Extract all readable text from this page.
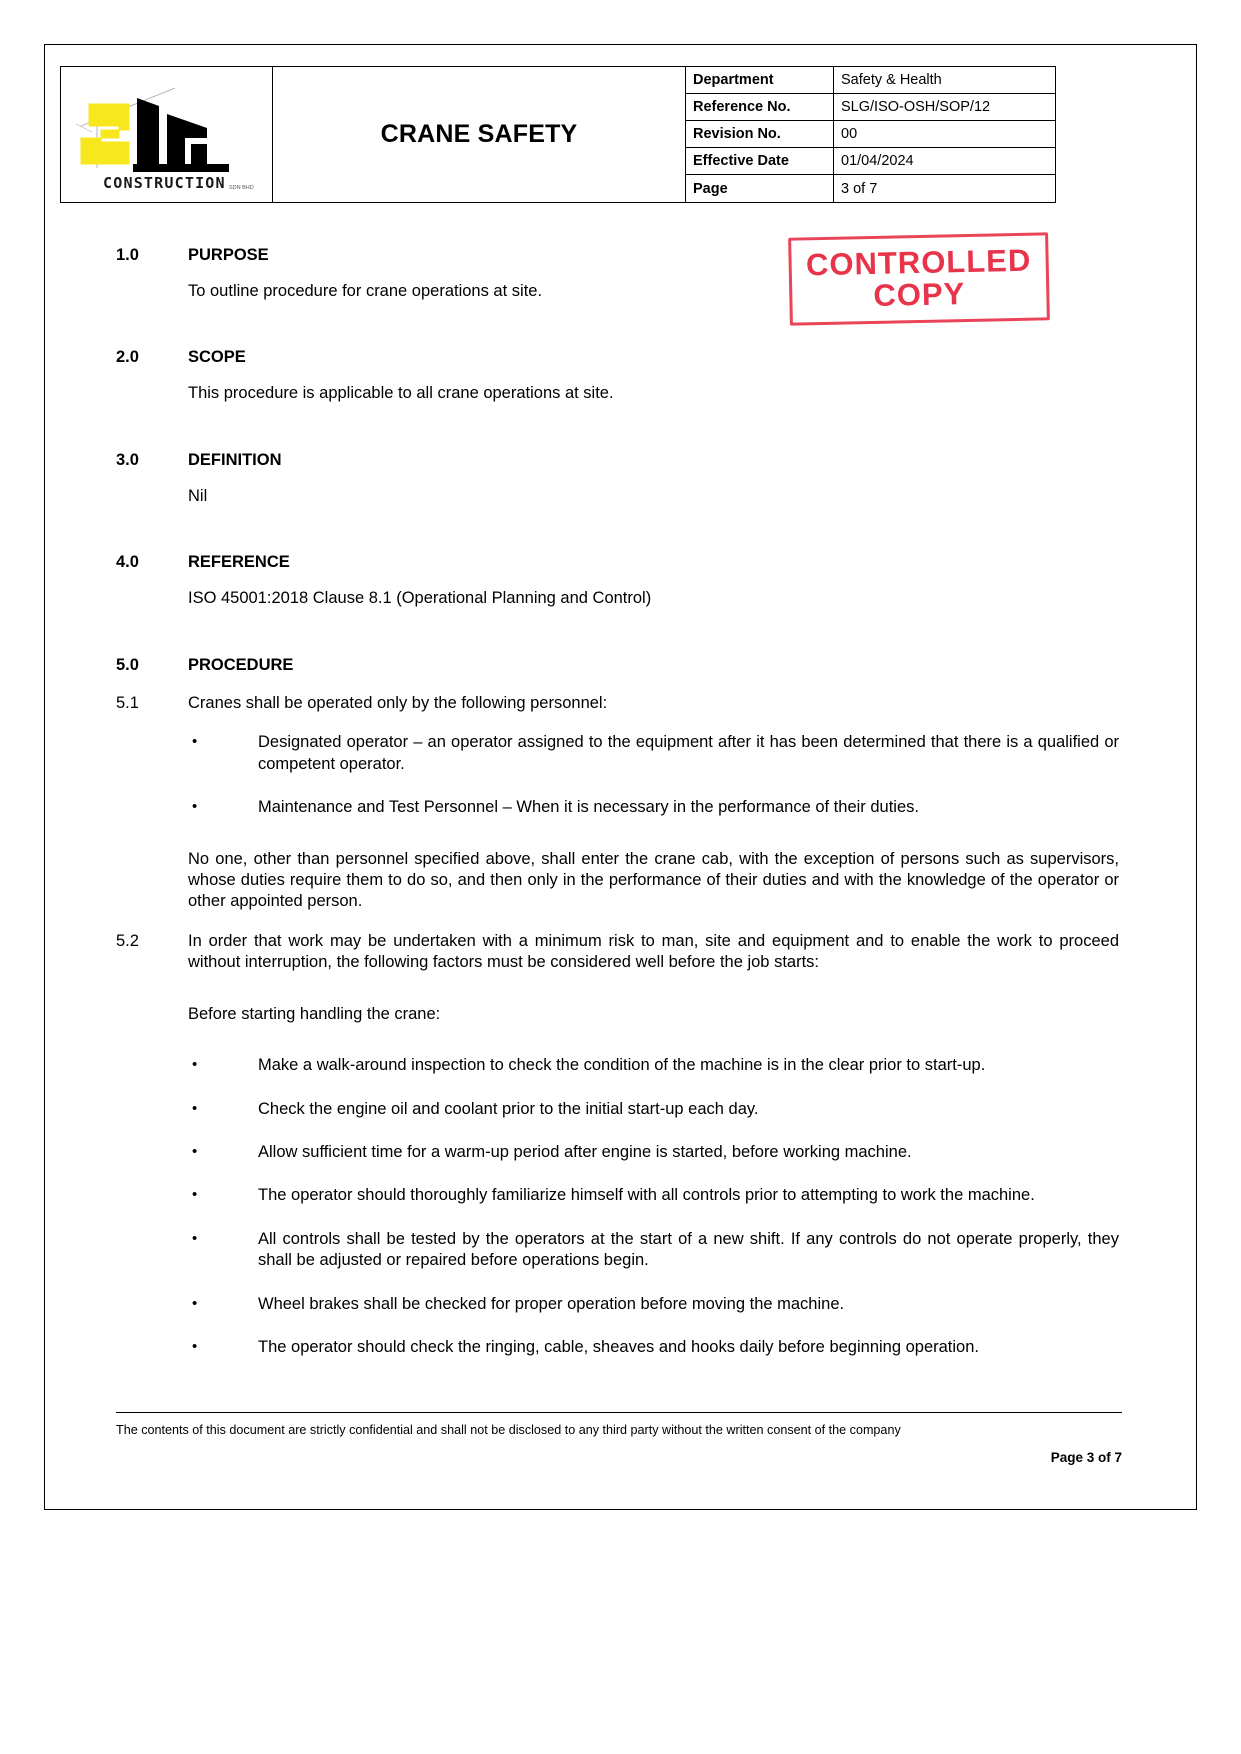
CONSTRUCTION SDN BHD
CRANE SAFETY
Department	Safety & Health
Reference No.	SLG/ISO-OSH/SOP/12
Revision No.	00
Effective Date	01/04/2024
Page	3 of 7
CONTROLLED
COPY
1.0	PURPOSE
To outline procedure for crane operations at site.
2.0	SCOPE
This procedure is applicable to all crane operations at site.
3.0	DEFINITION
Nil
4.0	REFERENCE
ISO 45001:2018 Clause 8.1 (Operational Planning and Control)
5.0	PROCEDURE
5.1	Cranes shall be operated only by the following personnel:
•	Designated operator – an operator assigned to the equipment after it has been determined that there is a qualified or competent operator.
•	Maintenance and Test Personnel – When it is necessary in the performance of their duties.
No one, other than personnel specified above, shall enter the crane cab, with the exception of persons such as supervisors, whose duties require them to do so, and then only in the performance of their duties and with the knowledge of the operator or other appointed person.
5.2	In order that work may be undertaken with a minimum risk to man, site and equipment and to enable the work to proceed without interruption, the following factors must be considered well before the job starts:
Before starting handling the crane:
•	Make a walk-around inspection to check the condition of the machine is in the clear prior to start-up.
•	Check the engine oil and coolant prior to the initial start-up each day.
•	Allow sufficient time for a warm-up period after engine is started, before working machine.
•	The operator should thoroughly familiarize himself with all controls prior to attempting to work the machine.
•	All controls shall be tested by the operators at the start of a new shift. If any controls do not operate properly, they shall be adjusted or repaired before operations begin.
•	Wheel brakes shall be checked for proper operation before moving the machine.
•	The operator should check the ringing, cable, sheaves and hooks daily before beginning operation.
The contents of this document are strictly confidential and shall not be disclosed to any third party without the written consent of the company
Page 3 of 7
